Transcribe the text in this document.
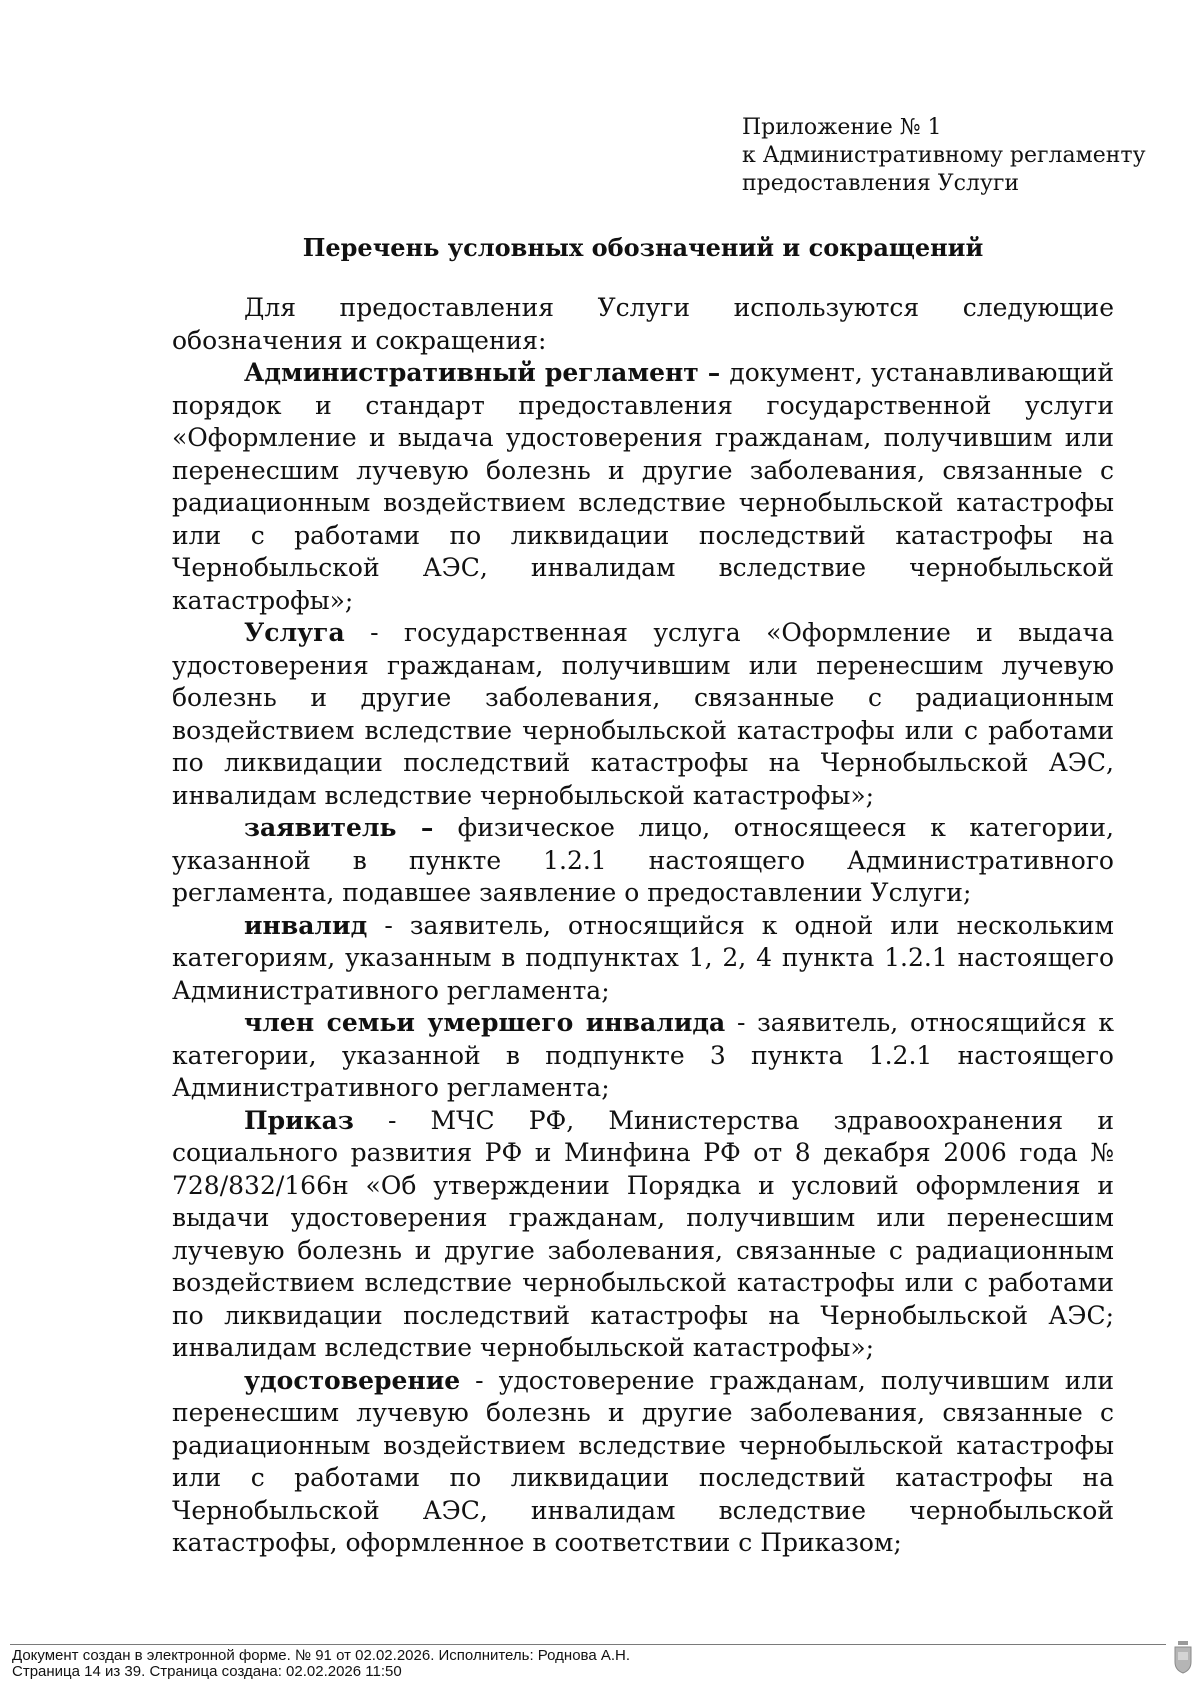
Приложение № 1
к Административному регламенту
предоставления Услуги
Перечень условных обозначений и сокращений

Для предоставления Услуги используются следующие обозначения и сокращения:

Административный регламент – документ, устанавливающий порядок и стандарт предоставления государственной услуги «Оформление и выдача удостоверения гражданам, получившим или перенесшим лучевую болезнь и другие заболевания, связанные с радиационным воздействием вследствие чернобыльской катастрофы или с работами по ликвидации последствий катастрофы на Чернобыльской АЭС, инвалидам вследствие чернобыльской катастрофы»;

Услуга - государственная услуга «Оформление и выдача удостоверения гражданам, получившим или перенесшим лучевую болезнь и другие заболевания, связанные с радиационным воздействием вследствие чернобыльской катастрофы или с работами по ликвидации последствий катастрофы на Чернобыльской АЭС, инвалидам вследствие чернобыльской катастрофы»;

заявитель – физическое лицо, относящееся к категории, указанной в пункте 1.2.1 настоящего Административного регламента, подавшее заявление о предоставлении Услуги;

инвалид - заявитель, относящийся к одной или нескольким категориям, указанным в подпунктах 1, 2, 4 пункта 1.2.1 настоящего Административного регламента;

член семьи умершего инвалида - заявитель, относящийся к категории, указанной в подпункте 3 пункта 1.2.1 настоящего Административного регламента;

Приказ - МЧС РФ, Министерства здравоохранения и социального развития РФ и Минфина РФ от 8 декабря 2006 года № 728/832/166н «Об утверждении Порядка и условий оформления и выдачи удостоверения гражданам, получившим или перенесшим лучевую болезнь и другие заболевания, связанные с радиационным воздействием вследствие чернобыльской катастрофы или с работами по ликвидации последствий катастрофы на Чернобыльской АЭС; инвалидам вследствие чернобыльской катастрофы»;

удостоверение - удостоверение гражданам, получившим или перенесшим лучевую болезнь и другие заболевания, связанные с радиационным воздействием вследствие чернобыльской катастрофы или с работами по ликвидации последствий катастрофы на Чернобыльской АЭС, инвалидам вследствие чернобыльской катастрофы, оформленное в соответствии с Приказом;

Документ создан в электронной форме. № 91 от 02.02.2026. Исполнитель: Роднова А.Н.
Страница 14 из 39. Страница создана: 02.02.2026 11:50
